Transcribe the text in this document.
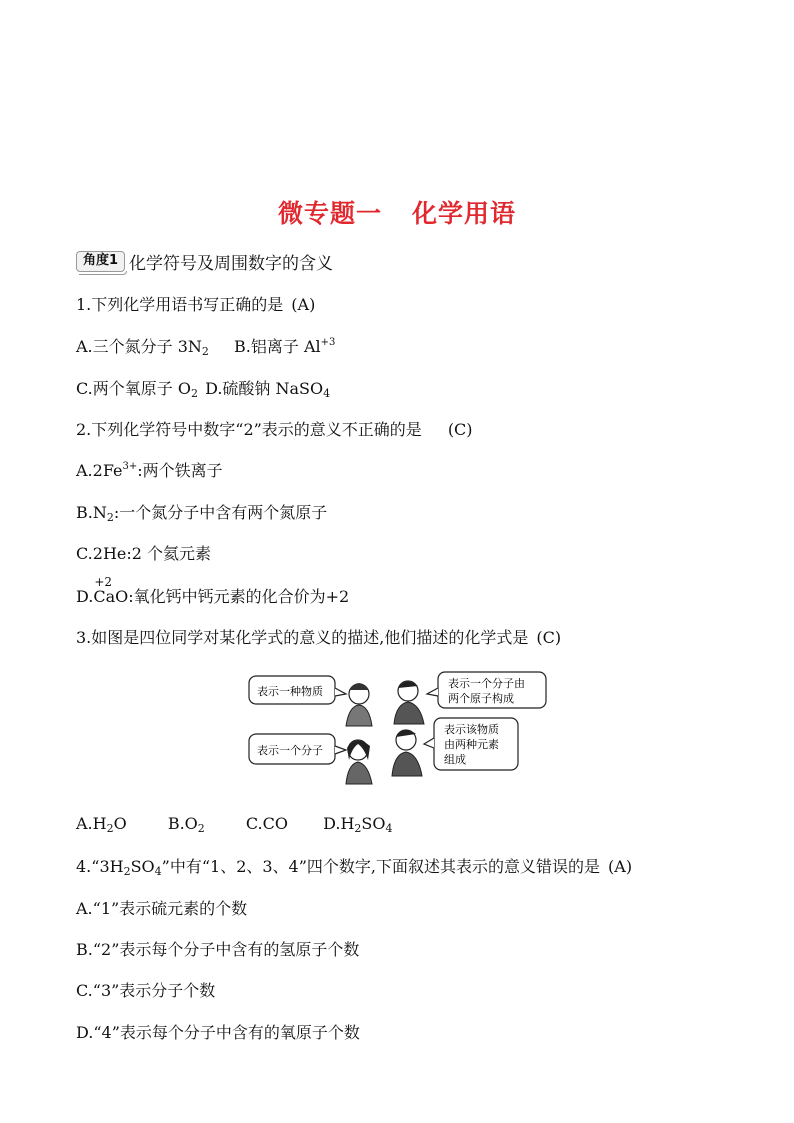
微专题一 化学用语
角度1 化学符号及周围数字的含义
1.下列化学用语书写正确的是 (A)
A.三个氮分子 $3N_2$ B.铝离子 $Al^{+3}$
C.两个氧原子 $O_2$ D.硫酸钠 NaSO$_4$
2.下列化学符号中数字“2”表示的意义不正确的是 (C)
$A.2Fe^{3+}$:两个铁离子
$B.N_2$:一个氮分子中含有两个氮原子
C.2He:2 个氦元素
D.
+2
CaO:氧化钙中钙元素的化合价为+2
3.如图是四位同学对某化学式的意义的描述,他们描述的化学式是 (C)
表示一种物质
表示一个分子由
两个原子构成
表示一个分子
表示该物质
由两种元素
组成
$A.H_2O$	$B.O_2$	C.CO $D.H_2SO_4$
$4.“3H_2SO_4$”中有“1、2、3、4”四个数字,下面叙述其表示的意义错误的是 (A)
A.“1”表示硫元素的个数
B.“2”表示每个分子中含有的氢原子个数
C.“3”表示分子个数
D.“4”表示每个分子中含有的氧原子个数
